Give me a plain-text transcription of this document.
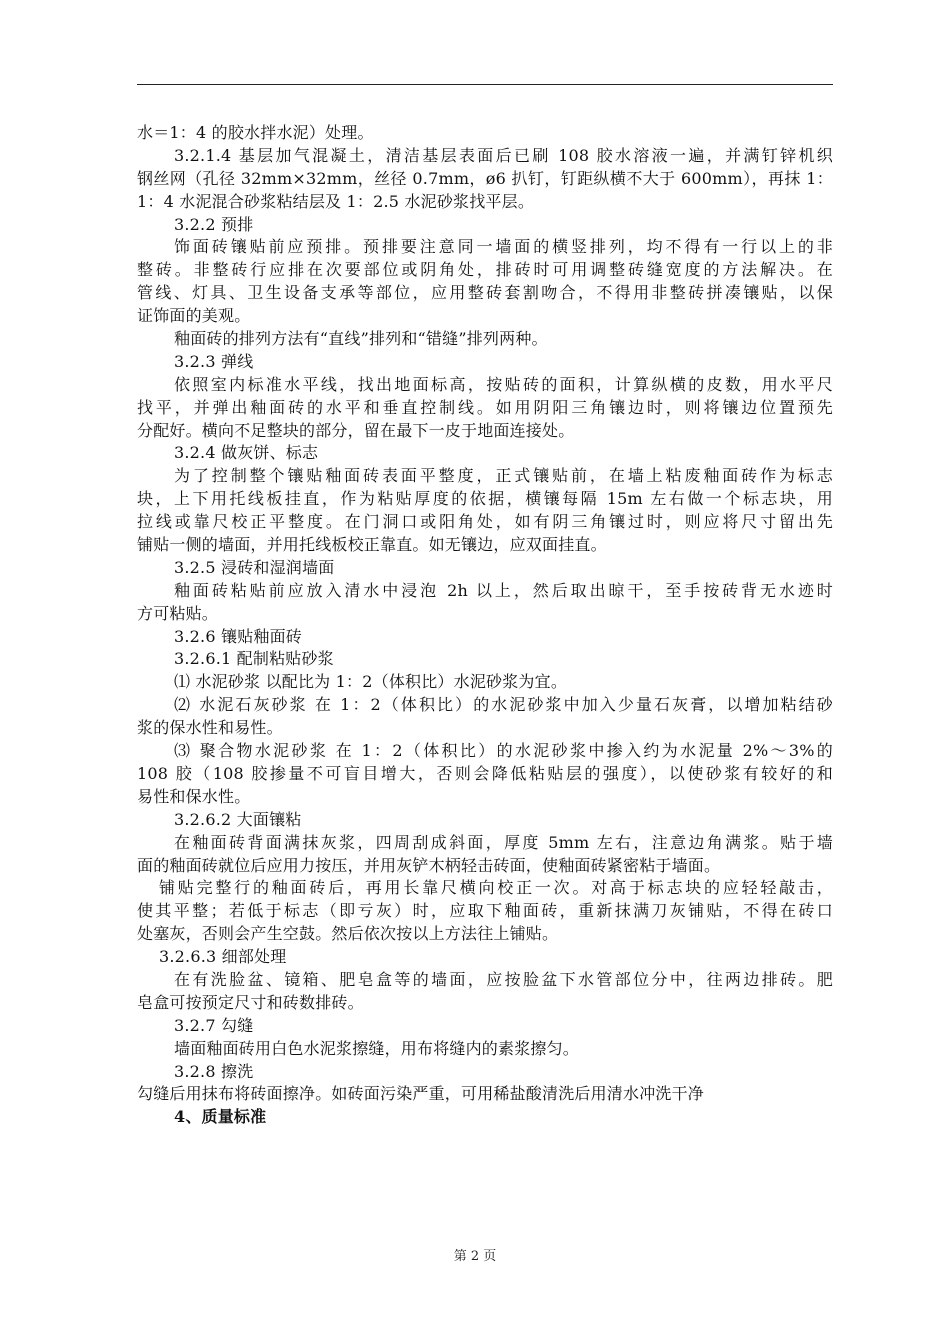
水＝1：4 的胶水拌水泥）处理。
3.2.1.4 基层加气混凝土，清洁基层表面后已刷 108 胶水溶液一遍，并满钉锌机织
钢丝网（孔径 32mm×32mm，丝径 0.7mm，ø6 扒钉，钉距纵横不大于 600mm），再抹 1：
1：4 水泥混合砂浆粘结层及 1：2.5 水泥砂浆找平层。
3.2.2 预排
饰面砖镶贴前应预排。预排要注意同一墙面的横竖排列，均不得有一行以上的非
整砖。非整砖行应排在次要部位或阴角处，排砖时可用调整砖缝宽度的方法解决。在
管线、灯具、卫生设备支承等部位，应用整砖套割吻合，不得用非整砖拼凑镶贴，以保
证饰面的美观。
釉面砖的排列方法有“直线”排列和“错缝”排列两种。
3.2.3 弹线
依照室内标准水平线，找出地面标高，按贴砖的面积，计算纵横的皮数，用水平尺
找平，并弹出釉面砖的水平和垂直控制线。如用阴阳三角镶边时，则将镶边位置预先
分配好。横向不足整块的部分，留在最下一皮于地面连接处。
3.2.4 做灰饼、标志
为了控制整个镶贴釉面砖表面平整度，正式镶贴前，在墙上粘废釉面砖作为标志
块，上下用托线板挂直，作为粘贴厚度的依据，横镶每隔 15m 左右做一个标志块，用
拉线或靠尺校正平整度。在门洞口或阳角处，如有阴三角镶过时，则应将尺寸留出先
铺贴一侧的墙面，并用托线板校正靠直。如无镶边，应双面挂直。
3.2.5 浸砖和湿润墙面
釉面砖粘贴前应放入清水中浸泡 2h 以上，然后取出晾干，至手按砖背无水迹时
方可粘贴。
3.2.6 镶贴釉面砖
3.2.6.1 配制粘贴砂浆
⑴ 水泥砂浆 以配比为 1：2（体积比）水泥砂浆为宜。
⑵ 水泥石灰砂浆 在 1：2（体积比）的水泥砂浆中加入少量石灰膏，以增加粘结砂
浆的保水性和易性。
⑶ 聚合物水泥砂浆 在 1：2（体积比）的水泥砂浆中掺入约为水泥量 2%～3%的
108 胶（108 胶掺量不可盲目增大，否则会降低粘贴层的强度），以使砂浆有较好的和
易性和保水性。
3.2.6.2 大面镶粘
在釉面砖背面满抹灰浆，四周刮成斜面，厚度 5mm 左右，注意边角满浆。贴于墙
面的釉面砖就位后应用力按压，并用灰铲木柄轻击砖面，使釉面砖紧密粘于墙面。
铺贴完整行的釉面砖后，再用长靠尺横向校正一次。对高于标志块的应轻轻敲击，
使其平整；若低于标志（即亏灰）时，应取下釉面砖，重新抹满刀灰铺贴，不得在砖口
处塞灰，否则会产生空鼓。然后依次按以上方法往上铺贴。
3.2.6.3 细部处理
在有洗脸盆、镜箱、肥皂盒等的墙面，应按脸盆下水管部位分中，往两边排砖。肥
皂盒可按预定尺寸和砖数排砖。
3.2.7 勾缝
墙面釉面砖用白色水泥浆擦缝，用布将缝内的素浆擦匀。
3.2.8 擦洗
勾缝后用抹布将砖面擦净。如砖面污染严重，可用稀盐酸清洗后用清水冲洗干净
4、质量标准
第 2 页
